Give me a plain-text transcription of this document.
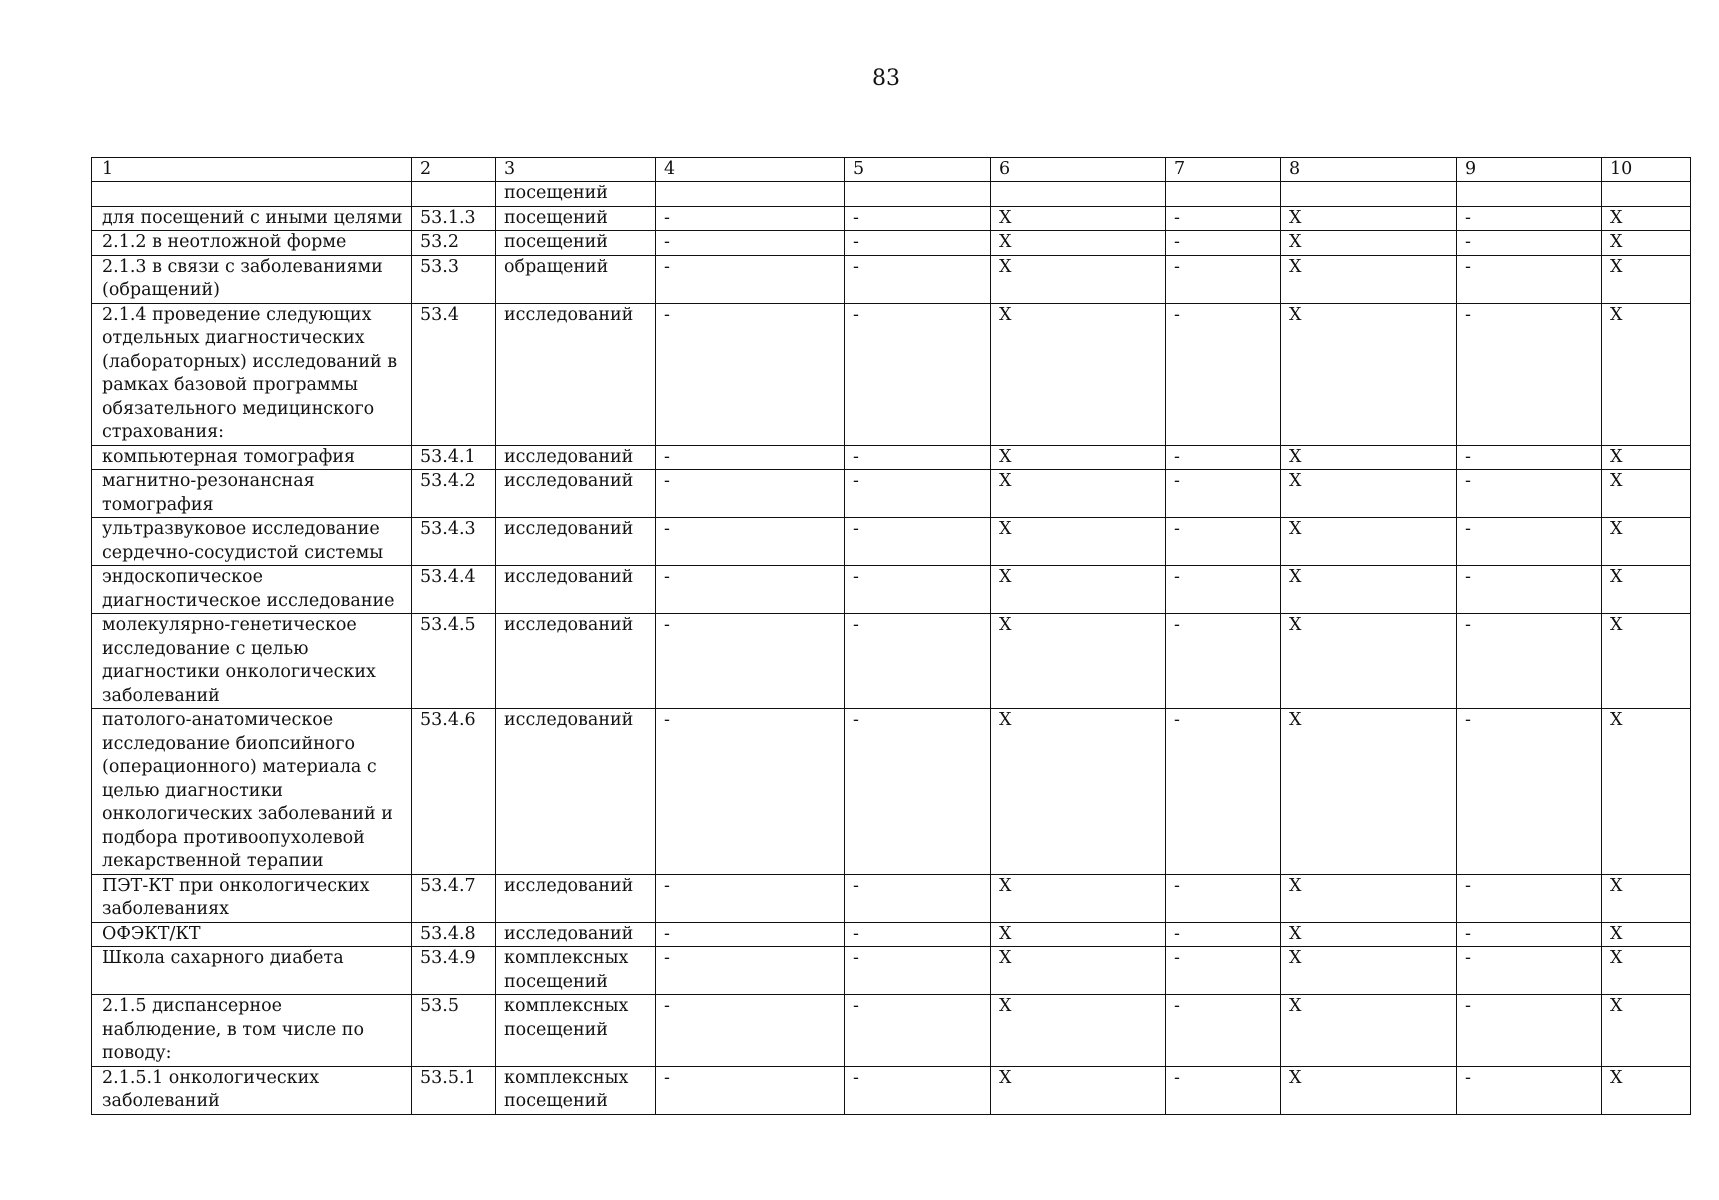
83
1	2	3	4	5	6	7	8	9	10
		посещений							
для посещений с иными целями	53.1.3	посещений	-	-	Х	-	Х	-	Х
2.1.2 в неотложной форме	53.2	посещений	-	-	Х	-	Х	-	Х
2.1.3 в связи с заболеваниями (обращений)	53.3	обращений	-	-	Х	-	Х	-	Х
2.1.4 проведение следующих отдельных диагностических (лабораторных) исследований в рамках базовой программы обязательного медицинского страхования:	53.4	исследований	-	-	Х	-	Х	-	Х
компьютерная томография	53.4.1	исследований	-	-	Х	-	Х	-	Х
магнитно-резонансная томография	53.4.2	исследований	-	-	Х	-	Х	-	Х
ультразвуковое исследование сердечно-сосудистой системы	53.4.3	исследований	-	-	Х	-	Х	-	Х
эндоскопическое диагностическое исследование	53.4.4	исследований	-	-	Х	-	Х	-	Х
молекулярно-генетическое исследование с целью диагностики онкологических заболеваний	53.4.5	исследований	-	-	Х	-	Х	-	Х
патолого-анатомическое исследование биопсийного (операционного) материала с целью диагностики онкологических заболеваний и подбора противоопухолевой лекарственной терапии	53.4.6	исследований	-	-	Х	-	Х	-	Х
ПЭТ-КТ при онкологических заболеваниях	53.4.7	исследований	-	-	Х	-	Х	-	Х
ОФЭКТ/КТ	53.4.8	исследований	-	-	Х	-	Х	-	Х
Школа сахарного диабета	53.4.9	комплексных посещений	-	-	Х	-	Х	-	Х
2.1.5 диспансерное наблюдение, в том числе по поводу:	53.5	комплексных посещений	-	-	Х	-	Х	-	Х
2.1.5.1 онкологических заболеваний	53.5.1	комплексных посещений	-	-	Х	-	Х	-	Х
